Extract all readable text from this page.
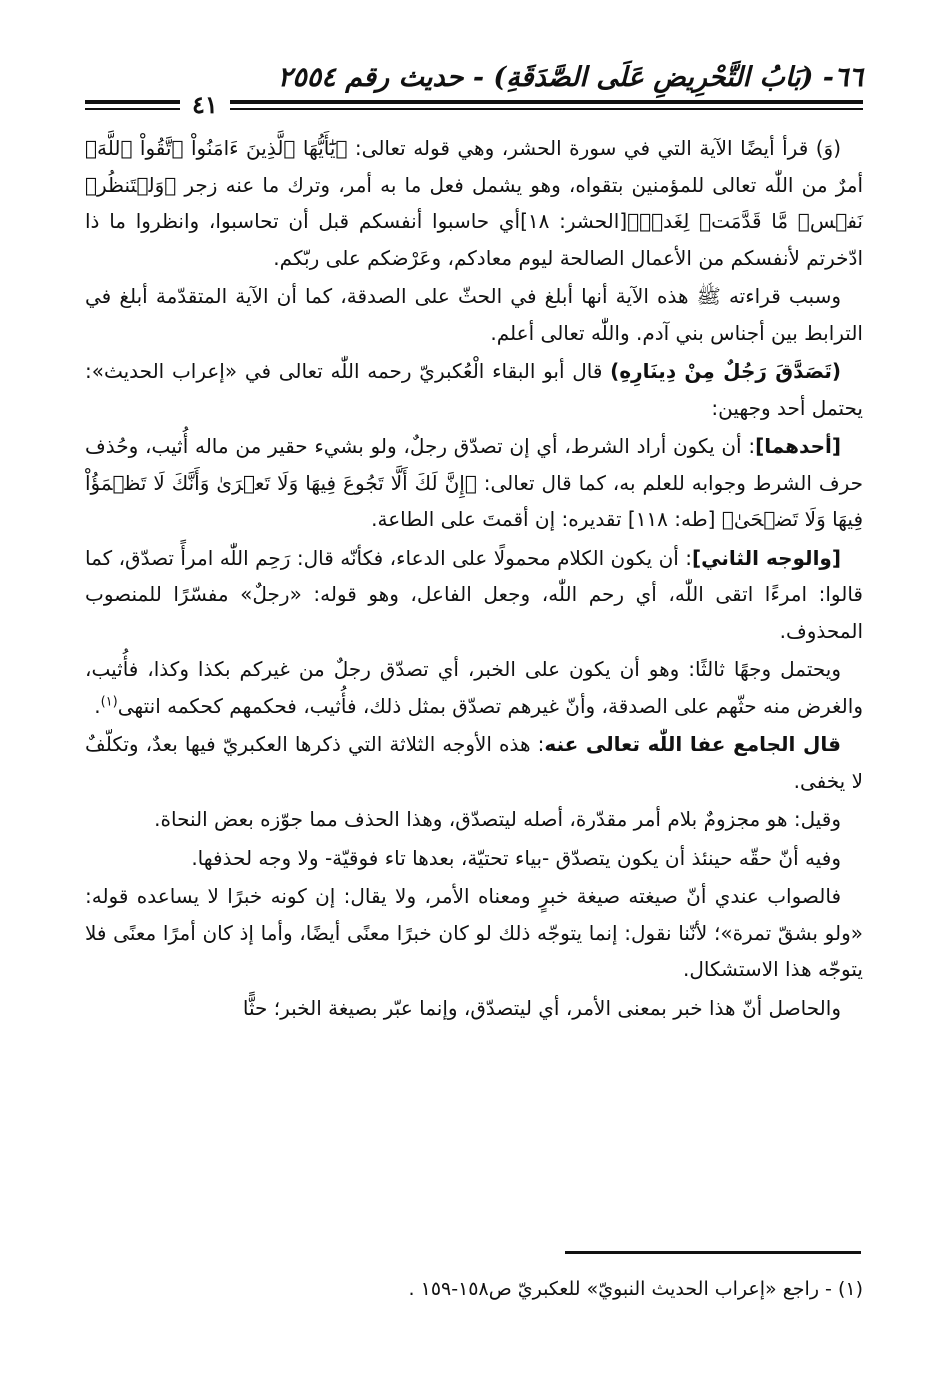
٦٦- (بَابُ التَّحْرِيضِ عَلَى الصَّدَقَةِ) - حديث رقم ٢٥٥٤
٤١

(وَ) قرأ أيضًا الآية التي في سورة الحشر، وهي قوله تعالى: ﴿يَٰٓأَيُّهَا ٱلَّذِينَ ءَامَنُواْ ٱتَّقُواْ ٱللَّهَ﴾ أمرٌ من اللّٰه تعالى للمؤمنين بتقواه، وهو يشمل فعل ما به أمر، وترك ما عنه زجر ﴿وَلۡتَنظُرۡ نَفۡسٞ مَّا قَدَّمَتۡ لِغَدٖۖ﴾[الحشر: ١٨]أي حاسبوا أنفسكم قبل أن تحاسبوا، وانظروا ما ذا ادّخرتم لأنفسكم من الأعمال الصالحة ليوم معادكم، وعَرْضكم على ربّكم.

وسبب قراءته ﷺ هذه الآية أنها أبلغ في الحثّ على الصدقة، كما أن الآية المتقدّمة أبلغ في الترابط بين أجناس بني آدم. واللّٰه تعالى أعلم.

(تَصَدَّقَ رَجُلٌ مِنْ دِينَارِهِ) قال أبو البقاء الْعُكبريّ رحمه اللّٰه تعالى في «إعراب الحديث»: يحتمل أحد وجهين:

[أحدهما]: أن يكون أراد الشرط، أي إن تصدّق رجلٌ، ولو بشيء حقير من ماله أُثيب، وحُذف حرف الشرط وجوابه للعلم به، كما قال تعالى: ﴿إِنَّ لَكَ أَلَّا تَجُوعَ فِيهَا وَلَا تَعۡرَىٰ وَأَنَّكَ لَا تَظۡمَؤُاْ فِيهَا وَلَا تَضۡحَىٰ﴾ [طه: ١١٨] تقديره: إن أقمتَ على الطاعة.

[والوجه الثاني]: أن يكون الكلام محمولًا على الدعاء، فكأنّه قال: رَحِم اللّٰه امرأً تصدّق، كما قالوا: امرءًا اتقى اللّٰه، أي رحم اللّٰه، وجعل الفاعل، وهو قوله: «رجلٌ» مفسّرًا للمنصوب المحذوف.

ويحتمل وجهًا ثالثًا: وهو أن يكون على الخبر، أي تصدّق رجلٌ من غيركم بكذا وكذا، فأُثيب، والغرض منه حثّهم على الصدقة، وأنّ غيرهم تصدّق بمثل ذلك، فأُثيب، فحكمهم كحكمه انتهى$^{(١)}$.

قال الجامع عفا اللّٰه تعالى عنه: هذه الأوجه الثلاثة التي ذكرها العكبريّ فيها بعدٌ، وتكلّفٌ لا يخفى.

وقيل: هو مجزومٌ بلام أمر مقدّرة، أصله ليتصدّق، وهذا الحذف مما جوّزه بعض النحاة.

وفيه أنّ حقّه حينئذ أن يكون يتصدّق -بياء تحتيّة، بعدها تاء فوقيّة- ولا وجه لحذفها.

فالصواب عندي أنّ صيغته صيغة خبرٍ ومعناه الأمر، ولا يقال: إن كونه خبرًا لا يساعده قوله: «ولو بشقّ تمرة»؛ لأنّنا نقول: إنما يتوجّه ذلك لو كان خبرًا معنًى أيضًا، وأما إذ كان أمرًا معنًى فلا يتوجّه هذا الاستشكال.

والحاصل أنّ هذا خبر بمعنى الأمر، أي ليتصدّق، وإنما عبّر بصيغة الخبر؛ حثًّا

(١) - راجع «إعراب الحديث النبويّ» للعكبريّ ص١٥٨-١٥٩ .
